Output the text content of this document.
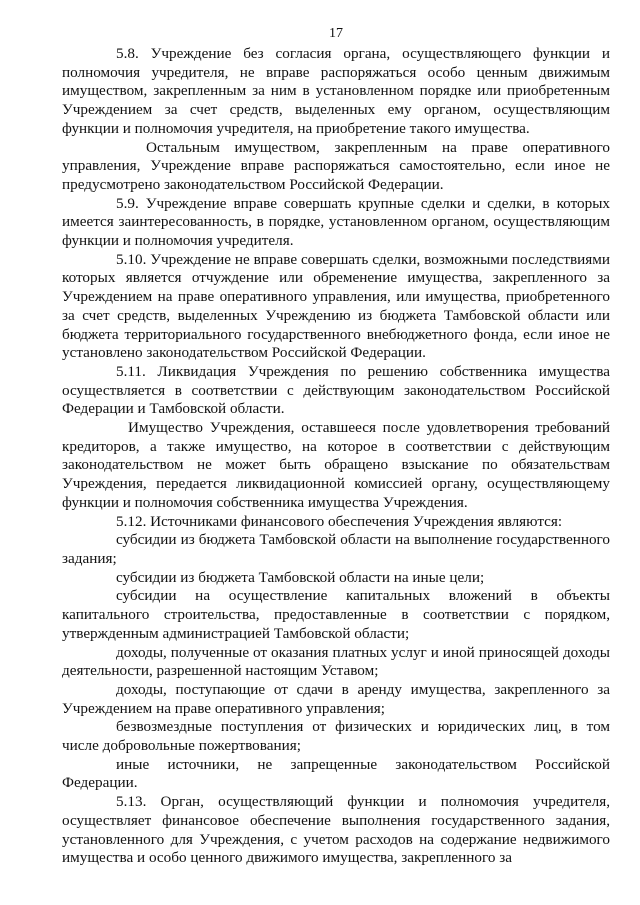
17

5.8. Учреждение без согласия органа, осуществляющего функции и полномочия учредителя, не вправе распоряжаться особо ценным движимым имуществом, закрепленным за ним в установленном порядке или приобретенным Учреждением за счет средств, выделенных ему органом, осуществляющим функции и полномочия учредителя, на приобретение такого имущества.

Остальным имуществом, закрепленным на праве оперативного управления, Учреждение вправе распоряжаться самостоятельно, если иное не предусмотрено законодательством Российской Федерации.

5.9. Учреждение вправе совершать крупные сделки и сделки, в которых имеется заинтересованность, в порядке, установленном органом, осуществляющим функции и полномочия учредителя.

5.10. Учреждение не вправе совершать сделки, возможными последствиями которых является отчуждение или обременение имущества, закрепленного за Учреждением на праве оперативного управления, или имущества, приобретенного за счет средств, выделенных Учреждению из бюджета Тамбовской области или бюджета территориального государственного внебюджетного фонда, если иное не установлено законодательством Российской Федерации.

5.11. Ликвидация Учреждения по решению собственника имущества осуществляется в соответствии с действующим законодательством Российской Федерации и Тамбовской области.

Имущество Учреждения, оставшееся после удовлетворения требований кредиторов, а также имущество, на которое в соответствии с действующим законодательством не может быть обращено взыскание по обязательствам Учреждения, передается ликвидационной комиссией органу, осуществляющему функции и полномочия собственника имущества Учреждения.

5.12. Источниками финансового обеспечения Учреждения являются:

субсидии из бюджета Тамбовской области на выполнение государственного задания;

субсидии из бюджета Тамбовской области на иные цели;

субсидии на осуществление капитальных вложений в объекты капитального строительства, предоставленные в соответствии с порядком, утвержденным администрацией Тамбовской области;

доходы, полученные от оказания платных услуг и иной приносящей доходы деятельности, разрешенной настоящим Уставом;

доходы, поступающие от сдачи в аренду имущества, закрепленного за Учреждением на праве оперативного управления;

безвозмездные поступления от физических и юридических лиц, в том числе добровольные пожертвования;

иные источники, не запрещенные законодательством Российской Федерации.

5.13. Орган, осуществляющий функции и полномочия учредителя, осуществляет финансовое обеспечение выполнения государственного задания, установленного для Учреждения, с учетом расходов на содержание недвижимого имущества и особо ценного движимого имущества, закрепленного за
